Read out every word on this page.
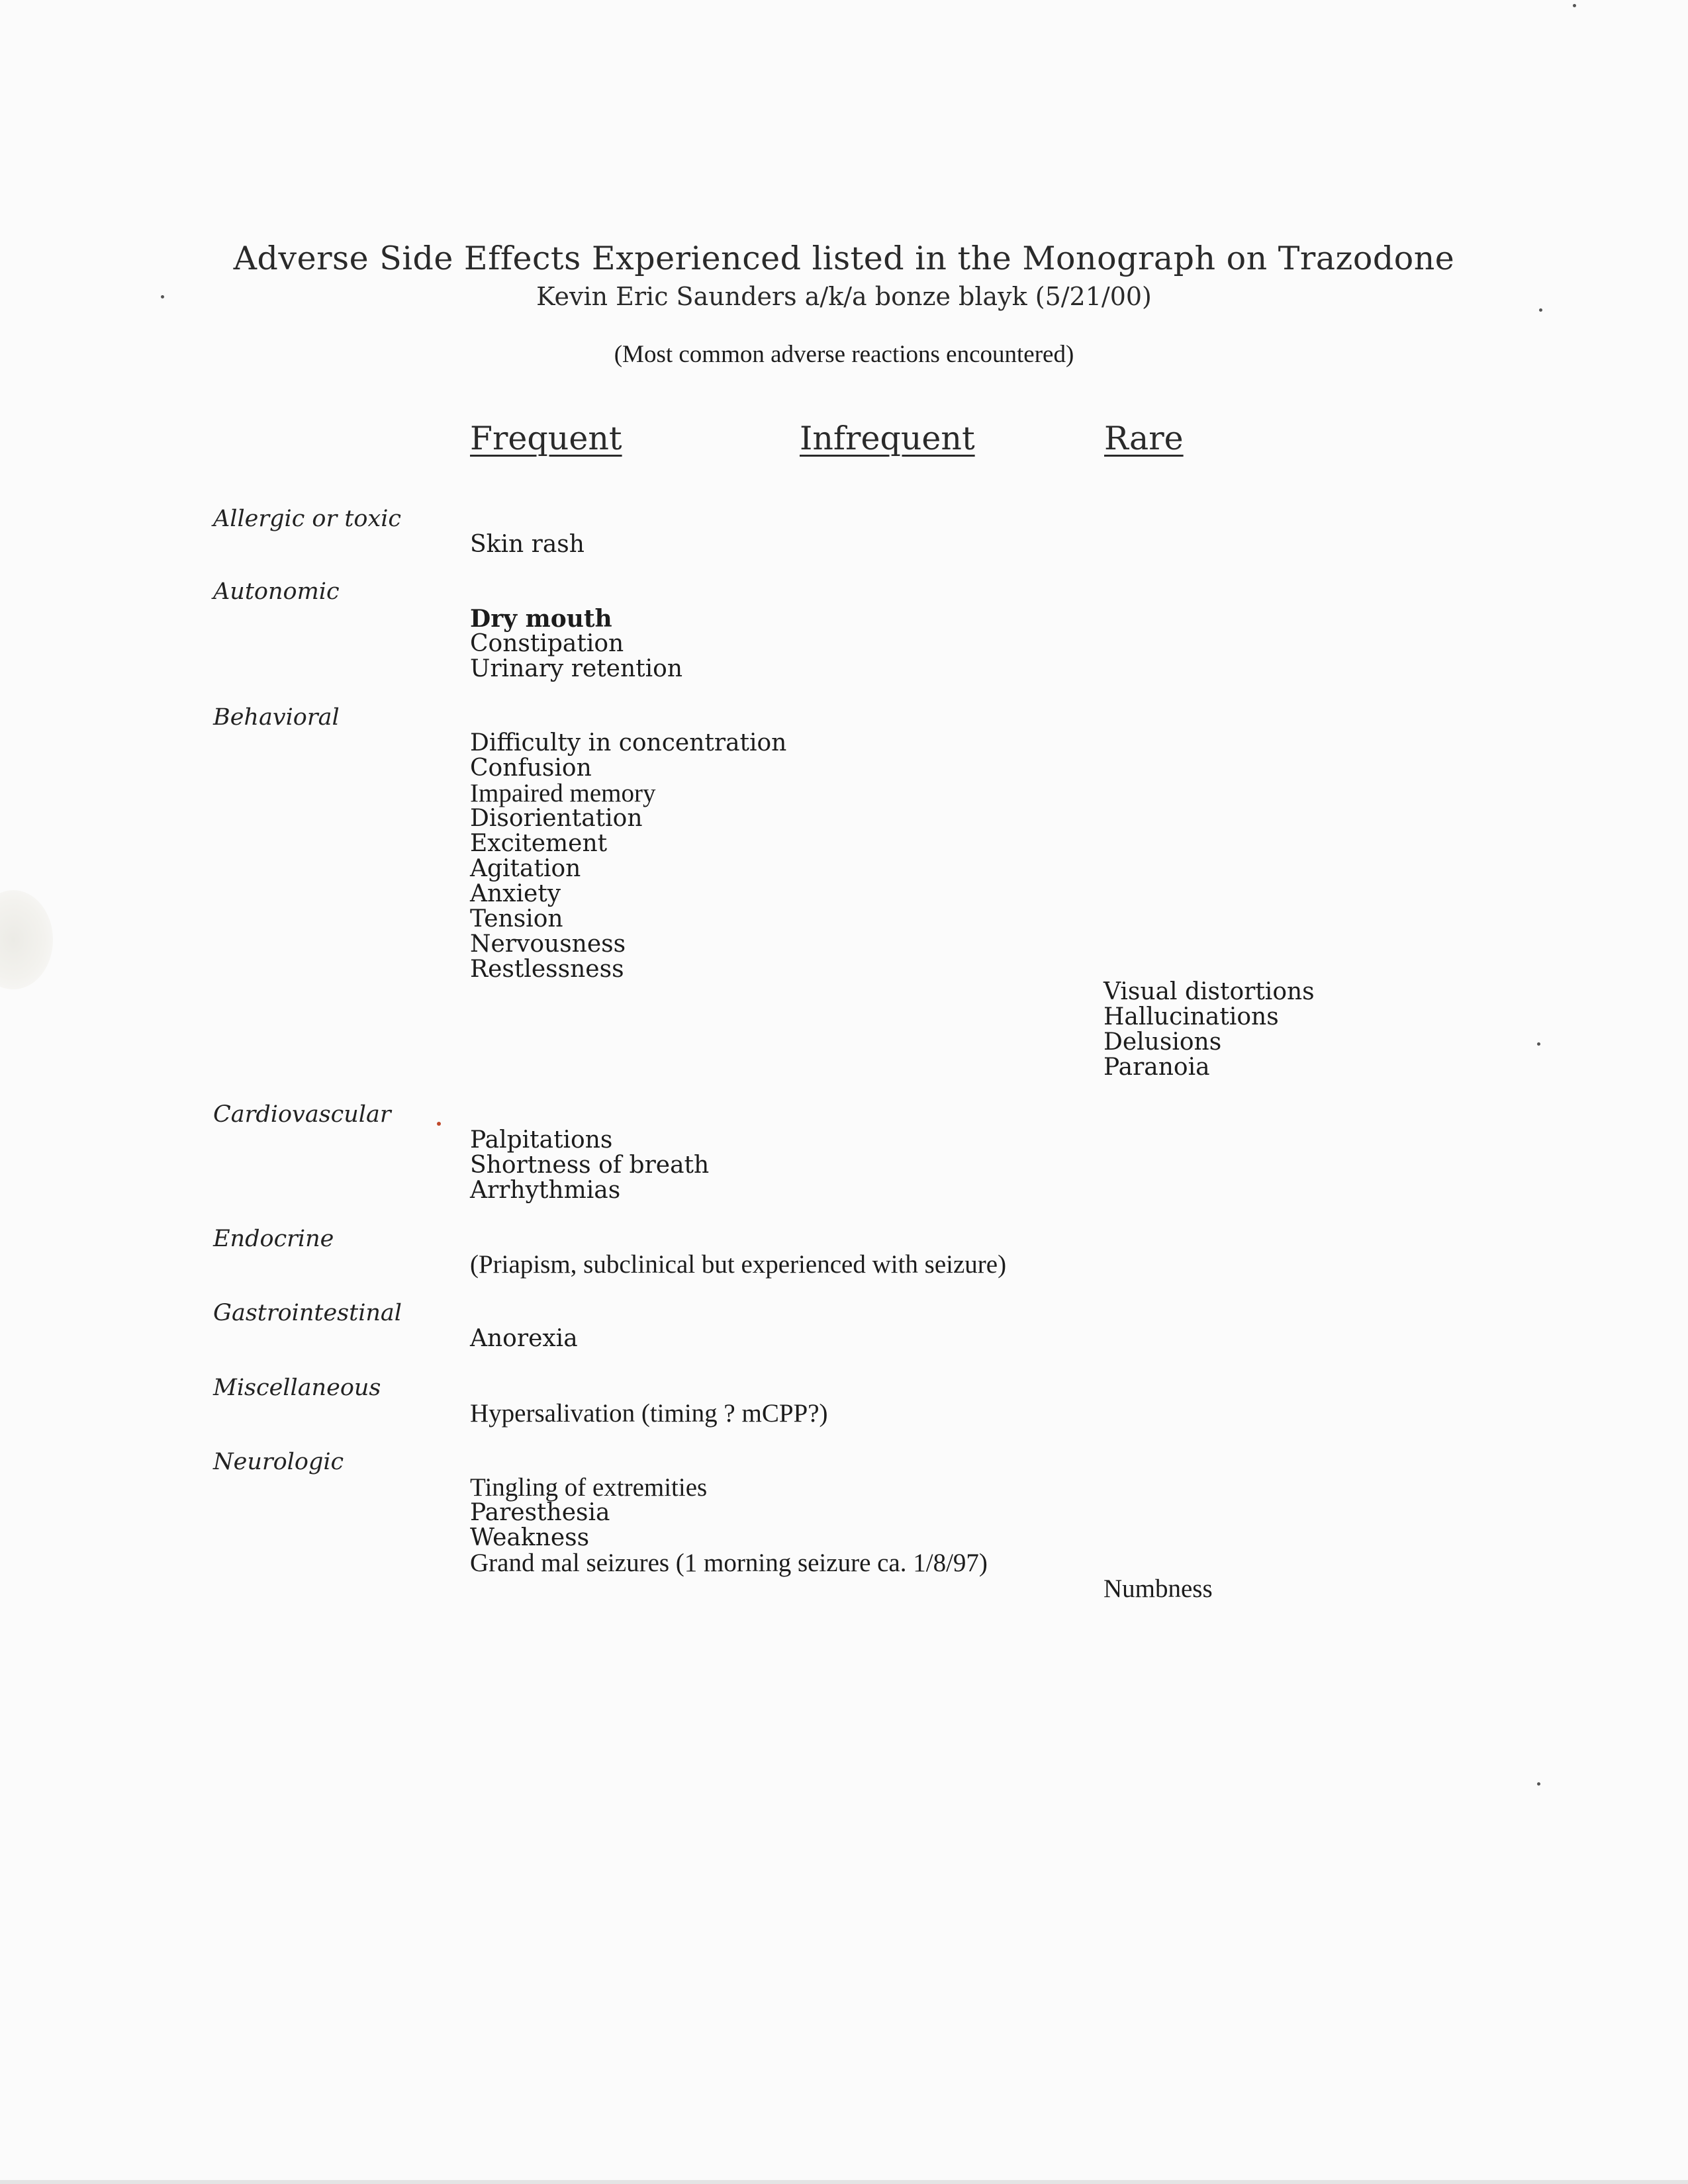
Adverse Side Effects Experienced listed in the Monograph on Trazodone
Kevin Eric Saunders a/k/a bonze blayk (5/21/00)
(Most common adverse reactions encountered)
Frequent	Infrequent	Rare
Allergic or toxic
Skin rash
Autonomic
Dry mouth
Constipation
Urinary retention
Behavioral
Difficulty in concentration
Confusion
Impaired memory
Disorientation
Excitement
Agitation
Anxiety
Tension
Nervousness
Restlessness
Visual distortions
Hallucinations
Delusions
Paranoia
Cardiovascular
Palpitations
Shortness of breath
Arrhythmias
Endocrine
(Priapism, subclinical but experienced with seizure)
Gastrointestinal
Anorexia
Miscellaneous
Hypersalivation (timing ? mCPP?)
Neurologic
Tingling of extremities
Paresthesia
Weakness
Grand mal seizures (1 morning seizure ca. 1/8/97)
Numbness
